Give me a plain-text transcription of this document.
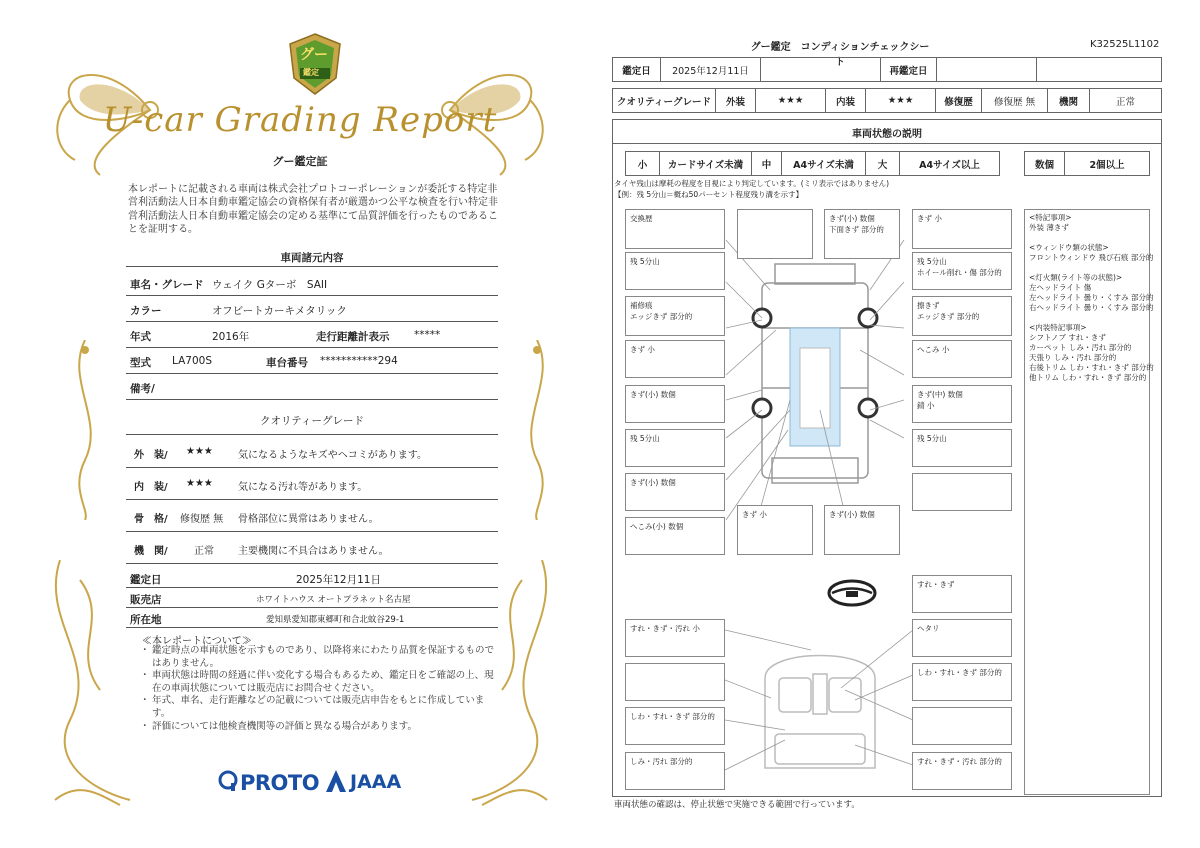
グー
鑑定
U-car Grading Report
グー鑑定証
本レポートに記載される車両は株式会社プロトコーポレーションが委託する特定非営利活動法人日本自動車鑑定協会の資格保有者が厳選かつ公平な検査を行い特定非営利活動法人日本自動車鑑定協会の定める基準にて品質評価を行ったものであることを証明する。
車両諸元内容
車名・グレード ウェイク Gターボ　SAII
カラー	オフビートカーキメタリック
年式	2016年	走行距離計表示 *****
型式 LA700S	車台番号 ***********294
備考/
クオリティーグレード
外　装/ ★★★	気になるようなキズやヘコミがあります。
内　装/ ★★★	気になる汚れ等があります。
骨　格/ 修復歴 無 骨格部位に異常はありません。
機　関/	正常 主要機関に不具合はありません。
鑑定日	2025年12月11日
販売店	ホワイトハウス オートプラネット名古屋
所在地	愛知県愛知郡東郷町和合北蚊谷29-1
≪本レポートについて≫
・ 鑑定時点の車両状態を示すものであり、以降将来にわたり品質を保証するものではありません。
・ 車両状態は時間の経過に伴い変化する場合もあるため、鑑定日をご確認の上、現在の車両状態については販売店にお問合せください。
・ 年式、車名、走行距離などの記載については販売店申告をもとに作成しています。
・ 評価については他検査機関等の評価と異なる場合があります。
PROTO JAAA
グー鑑定　コンディションチェックシート
K32525L1102
鑑定日	2025年12月11日		再鑑定日		
クオリティーグレード	外装	★★★	内装	★★★	修復歴	修復歴 無	機関	正常
車両状態の説明
小	カードサイズ未満	中	A4サイズ未満	大	A4サイズ以上	数個	2個以上
タイヤ残山は摩耗の程度を目視により判定しています。(ミリ表示ではありません)
【例：残 5分山＝概ね50パーセント程度残り溝を示す】
交換歴
残 5分山
補修痕
エッジきず 部分的
きず 小
きず(小) 数個
残 5分山
きず(小) 数個
へこみ(小) 数個
きず(小) 数個
下面きず 部分的
きず 小	きず(小) 数個
きず 小
残 5分山
ホイール削れ・傷 部分的
擦きず
エッジきず 部分的
へこみ 小
きず(中) 数個
錆 小
残 5分山
すれ・きず・汚れ 小
しわ・すれ・きず 部分的
しみ・汚れ 部分的
すれ・きず
ヘタリ
しわ・すれ・きず 部分的
すれ・きず・汚れ 部分的
<特記事項>
外装 薄きず
<ウィンドウ類の状態>
フロントウィンドウ 飛び石痕 部分的
<灯火類(ライト等の状態)>
左ヘッドライト 傷
左ヘッドライト 曇り・くすみ 部分的
右ヘッドライト 曇り・くすみ 部分的
<内装特記事項>
シフトノブ すれ・きず
カーペット しみ・汚れ 部分的
天張り しみ・汚れ 部分的
右後トリム しわ・すれ・きず 部分的
他トリム しわ・すれ・きず 部分的
車両状態の確認は、停止状態で実施できる範囲で行っています。
